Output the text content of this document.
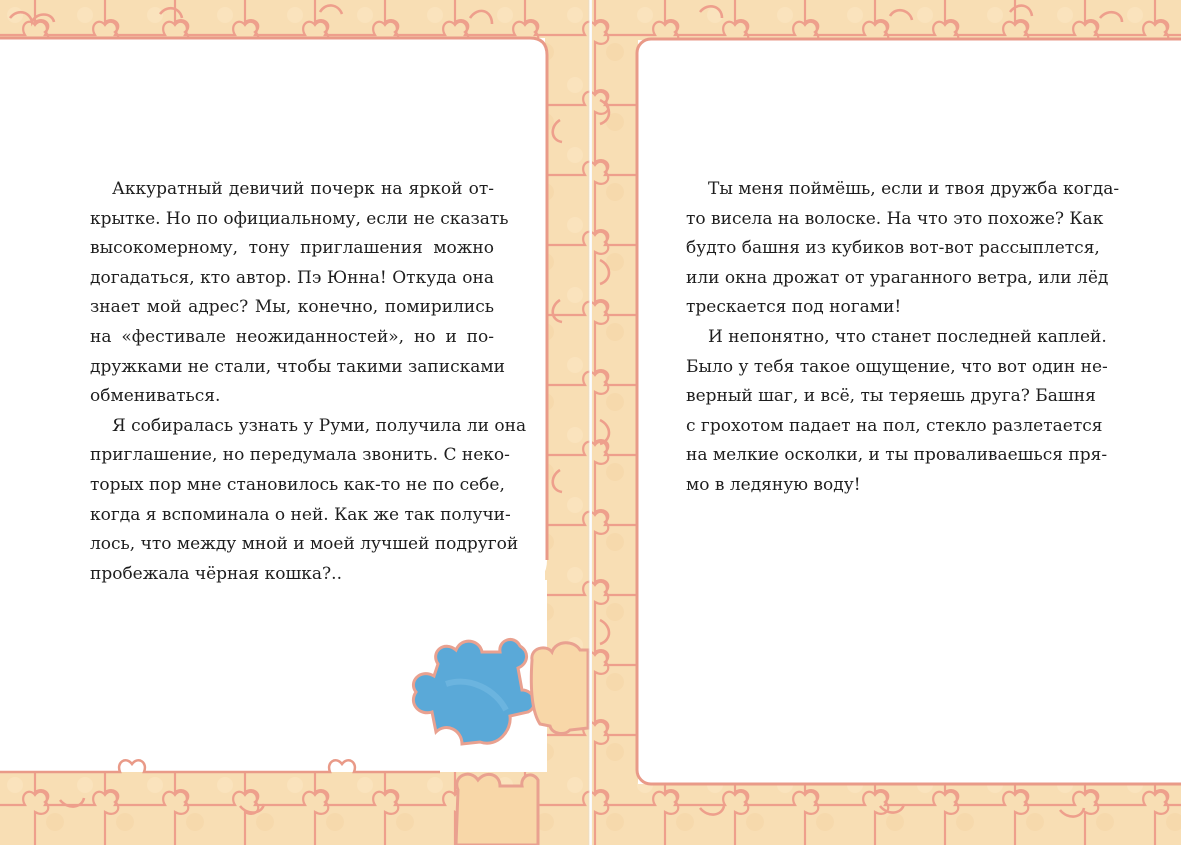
Аккуратный девичий почерк на яркой от-
крытке. Но по официальному, если не сказать
высокомерному, тону приглашения можно
догадаться, кто автор. Пэ Юнна! Откуда она
знает мой адрес? Мы, конечно, помирились
на «фестивале неожиданностей», но и по-
дружками не стали, чтобы такими записками
обмениваться.
Я собиралась узнать у Руми, получила ли она
приглашение, но передумала звонить. С неко-
торых пор мне становилось как-то не по себе,
когда я вспоминала о ней. Как же так получи-
лось, что между мной и моей лучшей подругой
пробежала чёрная кошка?..
Ты меня поймёшь, если и твоя дружба когда-
то висела на волоске. На что это похоже? Как
будто башня из кубиков вот-вот рассыплется,
или окна дрожат от ураганного ветра, или лёд
трескается под ногами!
И непонятно, что станет последней каплей.
Было у тебя такое ощущение, что вот один не-
верный шаг, и всё, ты теряешь друга? Башня
с грохотом падает на пол, стекло разлетается
на мелкие осколки, и ты проваливаешься пря-
мо в ледяную воду!
